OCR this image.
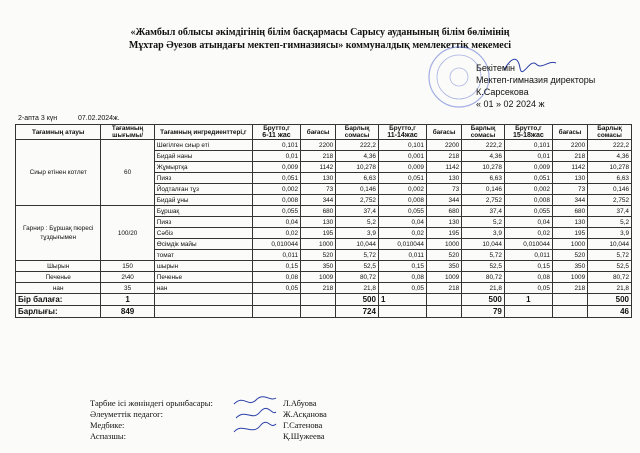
«Жамбыл облысы әкімдігінің білім басқармасы Сарысу ауданының білім бөлімінің
Мұхтар Әуезов атындағы мектеп-гимназиясы» коммуналдық мемлекеттік мекемесі
Бекітемін
Мектеп-гимназия директоры
К.Сарсекова
« 01 » 02 2024 ж
2-апта 3 күн	07.02.2024ж.
Тағамның атауы	Тағамның шығымы/	Тағамның ингредиенттері,г	Брутто,г
6-11 жас	бағасы	Барлық сомасы	Брутто,г
11-14жас	бағасы	Барлық сомасы	Брутто,г
15-18жас	бағасы	Барлық сомасы
Сиыр етінен котлет	60	Шөгілген сиыр еті	0,101	2200	222,2	0,101	2200	222,2	0,101	2200	222,2
		Бидай наны	0,01	218	4,36	0,001	218	4,36	0,01	218	4,36
		Жұмыртқа	0,009	1142	10,278	0,009	1142	10,278	0,009	1142	10,278
		Пияз	0,051	130	6,63	0,051	130	6,63	0,051	130	6,63
		Йодталған тұз	0,002	73	0,146	0,002	73	0,146	0,002	73	0,146
		Бидай ұны	0,008	344	2,752	0,008	344	2,752	0,008	344	2,752
Гарнир : Бұршақ пюресі тұздығымен	100/20	Бұршақ	0,055	680	37,4	0,055	680	37,4	0,055	680	37,4
		Пияз	0,04	130	5,2	0,04	130	5,2	0,04	130	5,2
		Сәбіз	0,02	195	3,9	0,02	195	3,9	0,02	195	3,9
		Өсімдік майы	0,010044	1000	10,044	0,010044	1000	10,044	0,010044	1000	10,044
		томат	0,011	520	5,72	0,011	520	5,72	0,011	520	5,72
Шырын	150	шырын	0,15	350	52,5	0,15	350	52,5	0,15	350	52,5
Печенье	2\40	Печенье	0,08	1009	80,72	0,08	1009	80,72	0,08	1009	80,72
нан	35	нан	0,05	218	21,8	0,05	218	21,8	0,05	218	21,8
Бір балаға:	1				500	1		500	1		500
Барлығы:	849				724			79			46
Тарбие ісі жөніндегі орынбасары:
Әлеуметтік педагог:
Медбике:
Аспазшы:
Л.Абуова
Ж.Асқанова
Г.Сатенова
Қ.Шужеева
